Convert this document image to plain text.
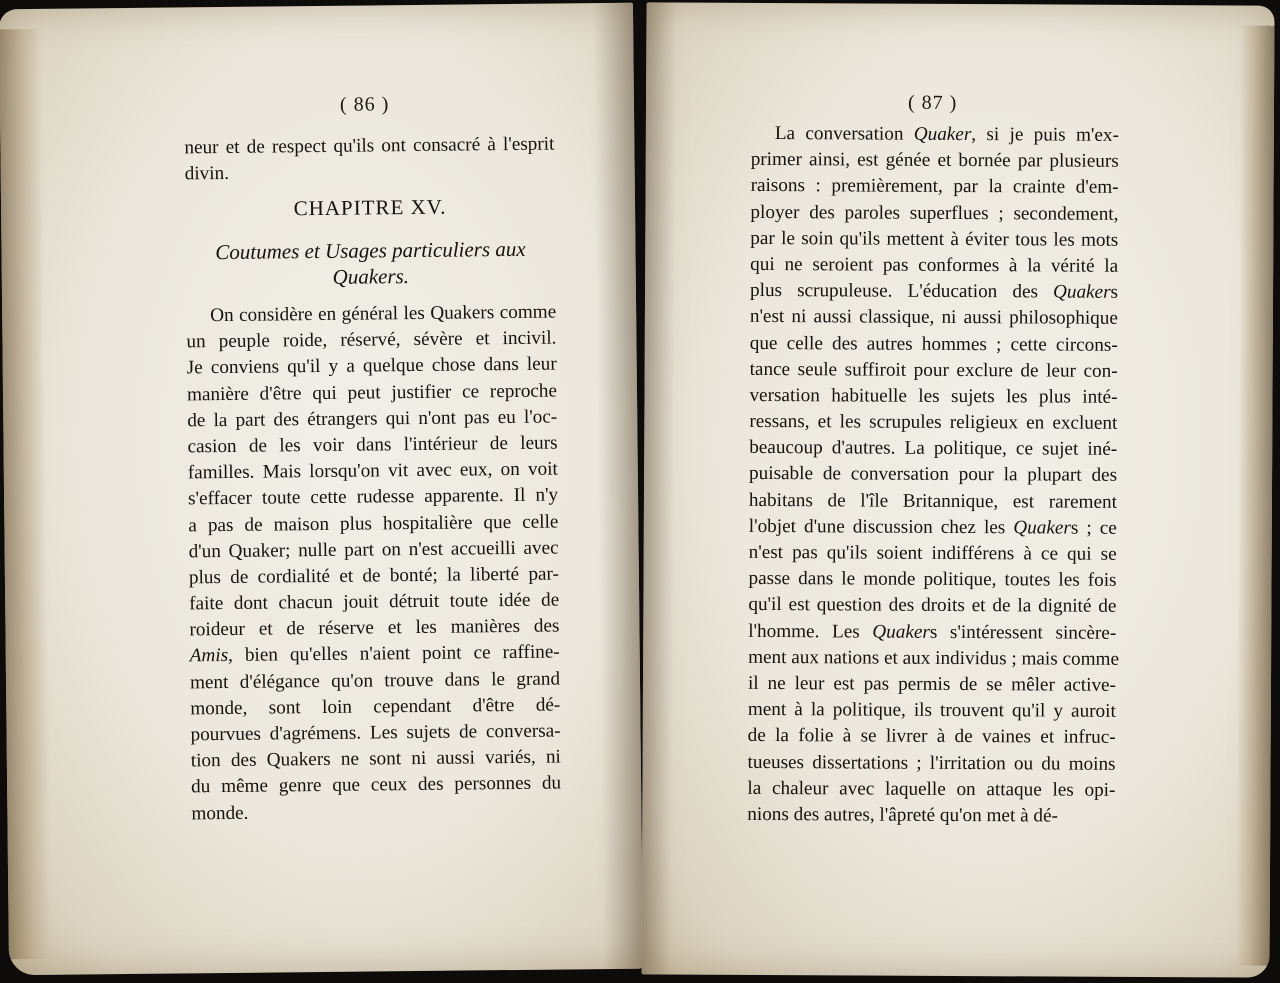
( 86 )
neur et de respect qu'ils ont consacré à l'esprit
divin.
CHAPITRE XV.
Coutumes et Usages particuliers aux
Quakers.
On considère en général les Quakers comme
un peuple roide, réservé, sévère et incivil.
Je conviens qu'il y a quelque chose dans leur
manière d'être qui peut justifier ce reproche
de la part des étrangers qui n'ont pas eu l'oc-
casion de les voir dans l'intérieur de leurs
familles. Mais lorsqu'on vit avec eux, on voit
s'effacer toute cette rudesse apparente. Il n'y
a pas de maison plus hospitalière que celle
d'un Quaker; nulle part on n'est accueilli avec
plus de cordialité et de bonté; la liberté par-
faite dont chacun jouit détruit toute idée de
roideur et de réserve et les manières des
Amis, bien qu'elles n'aient point ce raffine-
ment d'élégance qu'on trouve dans le grand
monde, sont loin cependant d'être dé-
pourvues d'agrémens. Les sujets de conversa-
tion des Quakers ne sont ni aussi variés, ni
du même genre que ceux des personnes du
monde.
( 87 )
La conversation Quaker, si je puis m'ex-
primer ainsi, est génée et bornée par plusieurs
raisons : premièrement, par la crainte d'em-
ployer des paroles superflues ; secondement,
par le soin qu'ils mettent à éviter tous les mots
qui ne seroient pas conformes à la vérité la
plus scrupuleuse. L'éducation des Quakers
n'est ni aussi classique, ni aussi philosophique
que celle des autres hommes ; cette circons-
tance seule suffiroit pour exclure de leur con-
versation habituelle les sujets les plus inté-
ressans, et les scrupules religieux en excluent
beaucoup d'autres. La politique, ce sujet iné-
puisable de conversation pour la plupart des
habitans de l'île Britannique, est rarement
l'objet d'une discussion chez les Quakers ; ce
n'est pas qu'ils soient indifférens à ce qui se
passe dans le monde politique, toutes les fois
qu'il est question des droits et de la dignité de
l'homme. Les Quakers s'intéressent sincère-
ment aux nations et aux individus ; mais comme
il ne leur est pas permis de se mêler active-
ment à la politique, ils trouvent qu'il y auroit
de la folie à se livrer à de vaines et infruc-
tueuses dissertations ; l'irritation ou du moins
la chaleur avec laquelle on attaque les opi-
nions des autres, l'âpreté qu'on met à dé-
